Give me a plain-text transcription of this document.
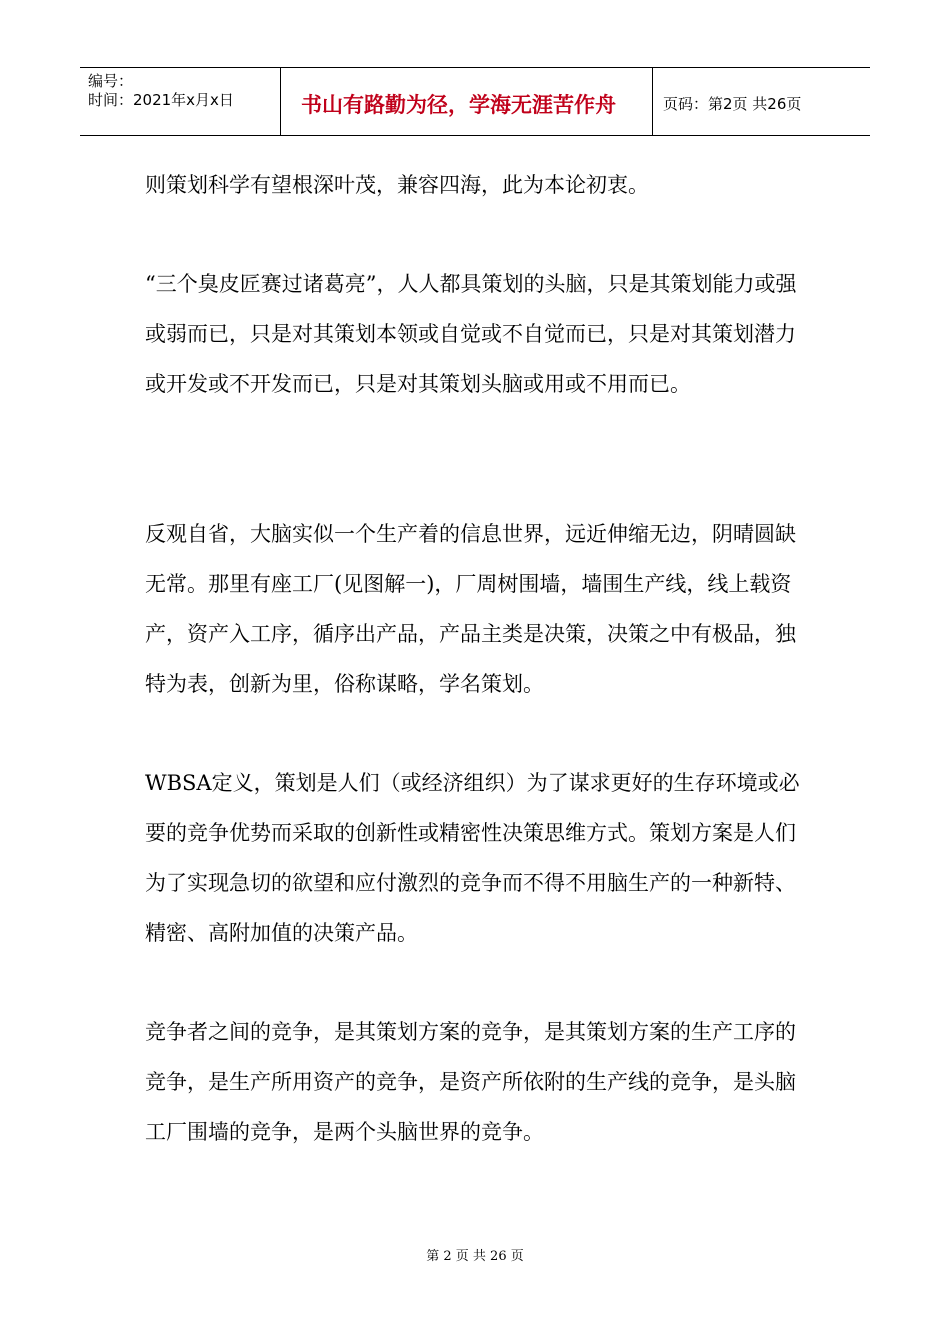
编号：
时间：2021年x月x日	书山有路勤为径，学海无涯苦作舟	页码：第2页 共26页

则策划科学有望根深叶茂，兼容四海，此为本论初衷。

“三个臭皮匠赛过诸葛亮”，人人都具策划的头脑，只是其策划能力或强或弱而已，只是对其策划本领或自觉或不自觉而已，只是对其策划潜力或开发或不开发而已，只是对其策划头脑或用或不用而已。

反观自省，大脑实似一个生产着的信息世界，远近伸缩无边，阴晴圆缺无常。那里有座工厂(见图解一)，厂周树围墙，墙围生产线，线上载资产，资产入工序，循序出产品，产品主类是决策，决策之中有极品，独特为表，创新为里，俗称谋略，学名策划。

WBSA定义，策划是人们（或经济组织）为了谋求更好的生存环境或必要的竞争优势而采取的创新性或精密性决策思维方式。策划方案是人们为了实现急切的欲望和应付激烈的竞争而不得不用脑生产的一种新特、精密、高附加值的决策产品。

竞争者之间的竞争，是其策划方案的竞争，是其策划方案的生产工序的竞争，是生产所用资产的竞争，是资产所依附的生产线的竞争，是头脑工厂围墙的竞争，是两个头脑世界的竞争。

第 2 页 共 26 页
